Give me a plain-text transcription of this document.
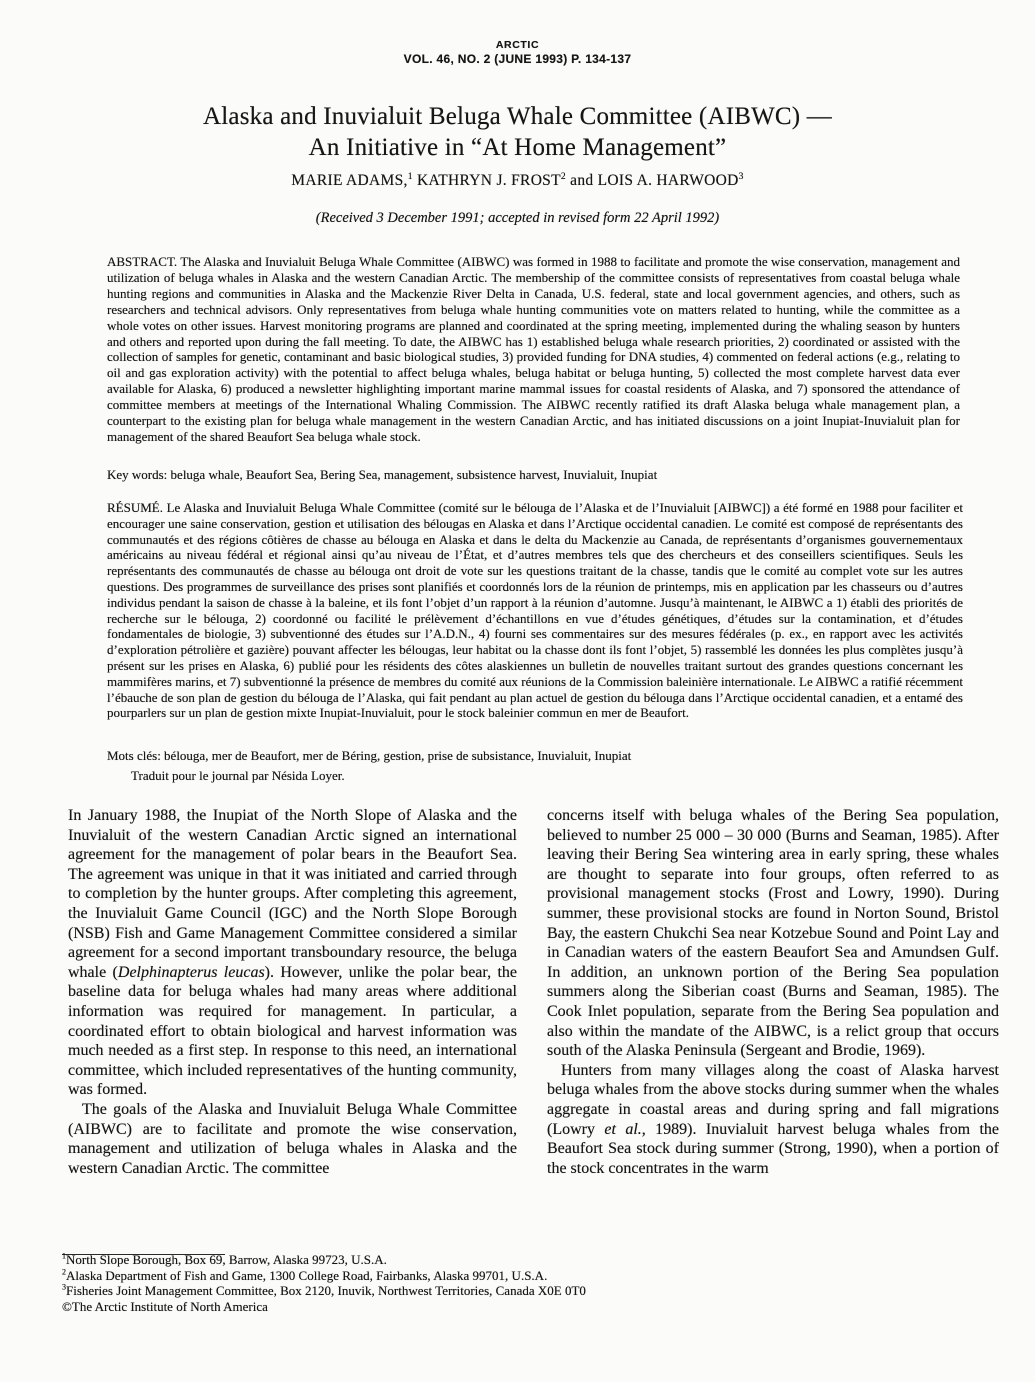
ARCTIC
VOL. 46, NO. 2 (JUNE 1993) P. 134-137
Alaska and Inuvialuit Beluga Whale Committee (AIBWC) —
An Initiative in “At Home Management”
MARIE ADAMS,$^1$ KATHRYN J. FROST$^2$ and LOIS A. HARWOOD$^3$
(Received 3 December 1991; accepted in revised form 22 April 1992)

ABSTRACT. The Alaska and Inuvialuit Beluga Whale Committee (AIBWC) was formed in 1988 to facilitate and promote the wise conservation, management and utilization of beluga whales in Alaska and the western Canadian Arctic. The membership of the committee consists of representatives from coastal beluga whale hunting regions and communities in Alaska and the Mackenzie River Delta in Canada, U.S. federal, state and local government agencies, and others, such as researchers and technical advisors. Only representatives from beluga whale hunting communities vote on matters related to hunting, while the committee as a whole votes on other issues. Harvest monitoring programs are planned and coordinated at the spring meeting, implemented during the whaling season by hunters and others and reported upon during the fall meeting. To date, the AIBWC has 1) established beluga whale research priorities, 2) coordinated or assisted with the collection of samples for genetic, contaminant and basic biological studies, 3) provided funding for DNA studies, 4) commented on federal actions (e.g., relating to oil and gas exploration activity) with the potential to affect beluga whales, beluga habitat or beluga hunting, 5) collected the most complete harvest data ever available for Alaska, 6) produced a newsletter highlighting important marine mammal issues for coastal residents of Alaska, and 7) sponsored the attendance of committee members at meetings of the International Whaling Commission. The AIBWC recently ratified its draft Alaska beluga whale management plan, a counterpart to the existing plan for beluga whale management in the western Canadian Arctic, and has initiated discussions on a joint Inupiat-Inuvialuit plan for management of the shared Beaufort Sea beluga whale stock.

Key words: beluga whale, Beaufort Sea, Bering Sea, management, subsistence harvest, Inuvialuit, Inupiat

RÉSUMÉ. Le Alaska and Inuvialuit Beluga Whale Committee (comité sur le bélouga de l’Alaska et de l’Inuvialuit [AIBWC]) a été formé en 1988 pour faciliter et encourager une saine conservation, gestion et utilisation des bélougas en Alaska et dans l’Arctique occidental canadien. Le comité est composé de représentants des communautés et des régions côtières de chasse au bélouga en Alaska et dans le delta du Mackenzie au Canada, de représentants d’organismes gouvernementaux américains au niveau fédéral et régional ainsi qu’au niveau de l’État, et d’autres membres tels que des chercheurs et des conseillers scientifiques. Seuls les représentants des communautés de chasse au bélouga ont droit de vote sur les questions traitant de la chasse, tandis que le comité au complet vote sur les autres questions. Des programmes de surveillance des prises sont planifiés et coordonnés lors de la réunion de printemps, mis en application par les chasseurs ou d’autres individus pendant la saison de chasse à la baleine, et ils font l’objet d’un rapport à la réunion d’automne. Jusqu’à maintenant, le AIBWC a 1) établi des priorités de recherche sur le bélouga, 2) coordonné ou facilité le prélèvement d’échantillons en vue d’études génétiques, d’études sur la contamination, et d’études fondamentales de biologie, 3) subventionné des études sur l’A.D.N., 4) fourni ses commentaires sur des mesures fédérales (p. ex., en rapport avec les activités d’exploration pétrolière et gazière) pouvant affecter les bélougas, leur habitat ou la chasse dont ils font l’objet, 5) rassemblé les données les plus complètes jusqu’à présent sur les prises en Alaska, 6) publié pour les résidents des côtes alaskiennes un bulletin de nouvelles traitant surtout des grandes questions concernant les mammifères marins, et 7) subventionné la présence de membres du comité aux réunions de la Commission baleinière internationale. Le AIBWC a ratifié récemment l’ébauche de son plan de gestion du bélouga de l’Alaska, qui fait pendant au plan actuel de gestion du bélouga dans l’Arctique occidental canadien, et a entamé des pourparlers sur un plan de gestion mixte Inupiat-Inuvialuit, pour le stock baleinier commun en mer de Beaufort.

Mots clés: bélouga, mer de Beaufort, mer de Béring, gestion, prise de subsistance, Inuvialuit, Inupiat

Traduit pour le journal par Nésida Loyer.

In January 1988, the Inupiat of the North Slope of Alaska and the Inuvialuit of the western Canadian Arctic signed an international agreement for the management of polar bears in the Beaufort Sea. The agreement was unique in that it was initiated and carried through to completion by the hunter groups. After completing this agreement, the Inuvialuit Game Council (IGC) and the North Slope Borough (NSB) Fish and Game Management Committee considered a similar agreement for a second important transboundary resource, the beluga whale (Delphinapterus leucas). However, unlike the polar bear, the baseline data for beluga whales had many areas where additional information was required for management. In particular, a coordinated effort to obtain biological and harvest information was much needed as a first step. In response to this need, an international committee, which included representatives of the hunting community, was formed.

The goals of the Alaska and Inuvialuit Beluga Whale Committee (AIBWC) are to facilitate and promote the wise conservation, management and utilization of beluga whales in Alaska and the western Canadian Arctic. The committee

concerns itself with beluga whales of the Bering Sea population, believed to number 25 000 – 30 000 (Burns and Seaman, 1985). After leaving their Bering Sea wintering area in early spring, these whales are thought to separate into four groups, often referred to as provisional management stocks (Frost and Lowry, 1990). During summer, these provisional stocks are found in Norton Sound, Bristol Bay, the eastern Chukchi Sea near Kotzebue Sound and Point Lay and in Canadian waters of the eastern Beaufort Sea and Amundsen Gulf. In addition, an unknown portion of the Bering Sea population summers along the Siberian coast (Burns and Seaman, 1985). The Cook Inlet population, separate from the Bering Sea population and also within the mandate of the AIBWC, is a relict group that occurs south of the Alaska Peninsula (Sergeant and Brodie, 1969).

Hunters from many villages along the coast of Alaska harvest beluga whales from the above stocks during summer when the whales aggregate in coastal areas and during spring and fall migrations (Lowry et al., 1989). Inuvialuit harvest beluga whales from the Beaufort Sea stock during summer (Strong, 1990), when a portion of the stock concentrates in the warm

$^1$North Slope Borough, Box 69, Barrow, Alaska 99723, U.S.A.

$^2$Alaska Department of Fish and Game, 1300 College Road, Fairbanks, Alaska 99701, U.S.A.

$^3$Fisheries Joint Management Committee, Box 2120, Inuvik, Northwest Territories, Canada X0E 0T0

©The Arctic Institute of North America
